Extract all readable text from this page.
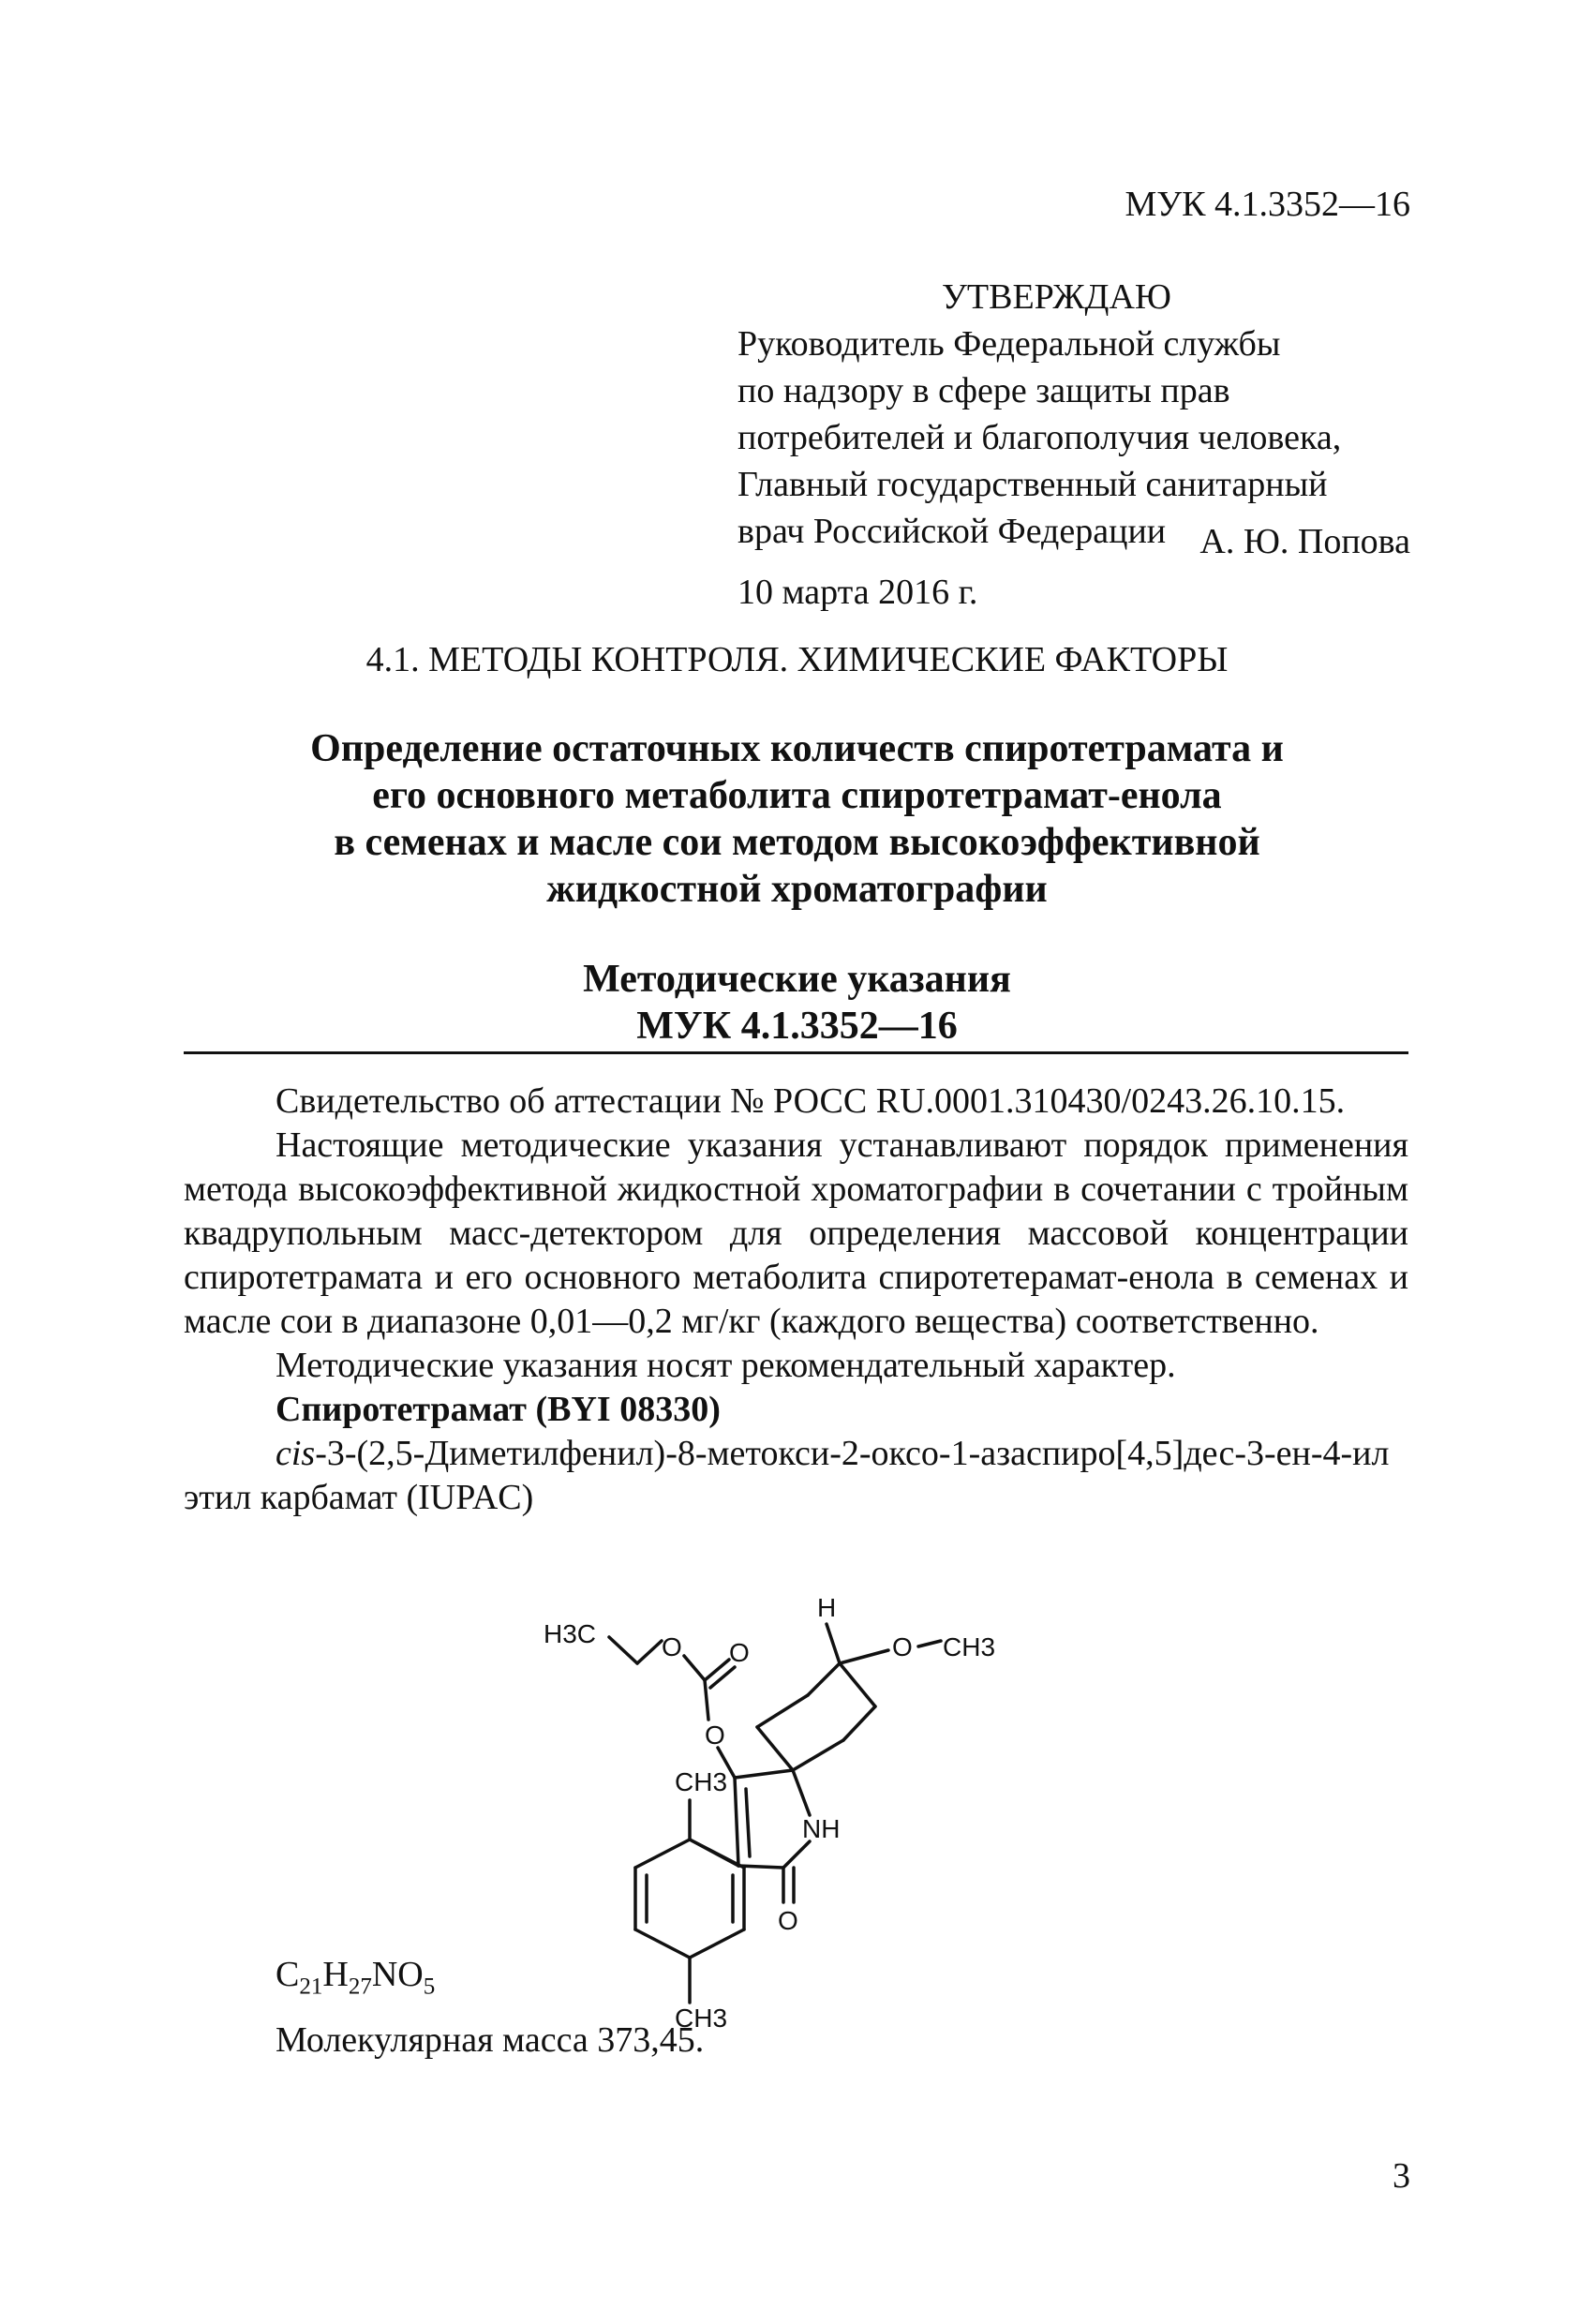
МУК 4.1.3352—16
УТВЕРЖДАЮ
Руководитель Федеральной службы
по надзору в сфере защиты прав
потребителей и благополучия человека,
Главный государственный санитарный
врач Российской Федерации А. Ю. Попова
10 марта 2016 г.
4.1. МЕТОДЫ КОНТРОЛЯ. ХИМИЧЕСКИЕ ФАКТОРЫ
Определение остаточных количеств спиротетрамата и
его основного метаболита спиротетрамат-енола
в семенах и масле сои методом высокоэффективной
жидкостной хроматографии
Методические указания
МУК 4.1.3352—16

Свидетельство об аттестации № РОСС RU.0001.310430/0243.26.10.15.

Настоящие методические указания устанавливают порядок применения метода высокоэффективной жидкостной хроматографии в сочетании с тройным квадрупольным масс-детектором для определения массовой концентрации спиротетрамата и его основного метаболита спиротетерамат-енола в семенах и масле сои в диапазоне 0,01—0,2 мг/кг (каждого вещества) соответственно.

Методические указания носят рекомендательный характер.

Спиротетрамат (BYI 08330)

cis-3-(2,5-Диметилфенил)-8-метокси-2-оксо-1-азаспиро[4,5]дес-3-ен-4-ил этил карбамат (IUPAC)

H3C O O
O
H
O CH3
CH3
NH
O
CH3
$C_{21}H_{27}NO_5$
Молекулярная масса 373,45.
3
